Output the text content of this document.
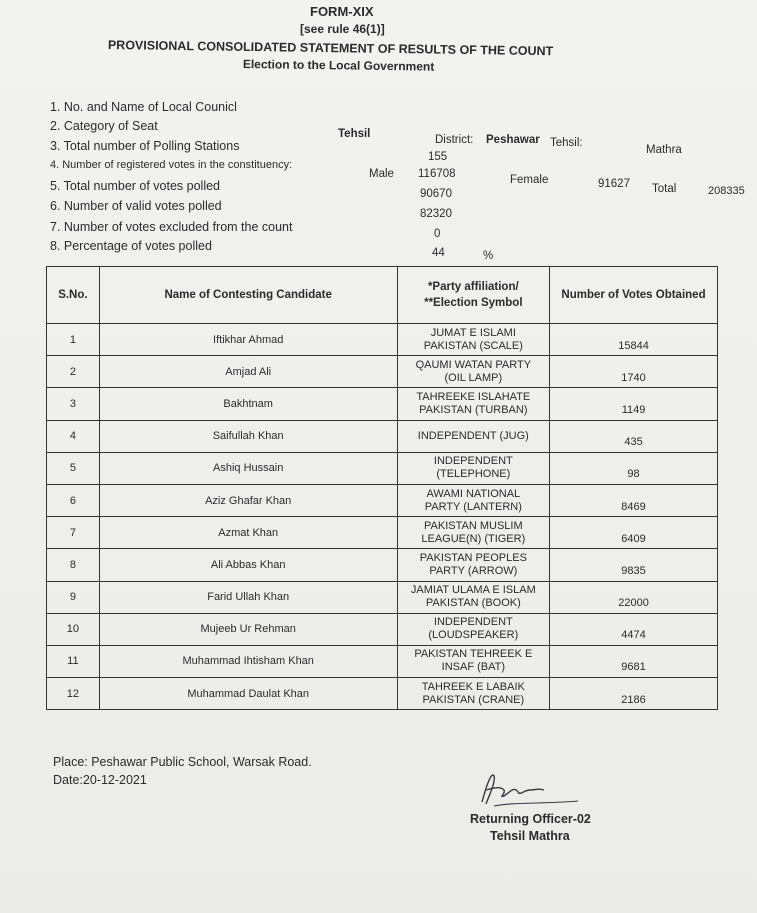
FORM-XIX
[see rule 46(1)]
PROVISIONAL CONSOLIDATED STATEMENT OF RESULTS OF THE COUNT
Election to the Local Government
1. No. and Name of Local Counicl
2. Category of Seat
3. Total number of Polling Stations
4. Number of registered votes in the constituency:
5. Total number of votes polled
6. Number of valid votes polled
7. Number of votes excluded from the count
8. Percentage of votes polled
Tehsil	District: Peshawar Tehsil:
Mathra
155
Male 116708	Female	91627 Total	208335
90670
82320
0
44	%
S.No.	Name of Contesting Candidate	*Party affiliation/
**Election Symbol	Number of Votes Obtained
1	Iftikhar Ahmad	JUMAT E ISLAMI
PAKISTAN (SCALE)	15844
2	Amjad Ali	QAUMI WATAN PARTY
(OIL LAMP)	1740
3	Bakhtnam	TAHREEKE ISLAHATE
PAKISTAN (TURBAN)	1149
4	Saifullah Khan	INDEPENDENT (JUG)	435
5	Ashiq Hussain	INDEPENDENT
(TELEPHONE)	98
6	Aziz Ghafar Khan	AWAMI NATIONAL
PARTY (LANTERN)	8469
7	Azmat Khan	PAKISTAN MUSLIM
LEAGUE(N) (TIGER)	6409
8	Ali Abbas Khan	PAKISTAN PEOPLES
PARTY (ARROW)	9835
9	Farid Ullah Khan	JAMIAT ULAMA E ISLAM
PAKISTAN (BOOK)	22000
10	Mujeeb Ur Rehman	INDEPENDENT
(LOUDSPEAKER)	4474
11	Muhammad Ihtisham Khan	PAKISTAN TEHREEK E
INSAF (BAT)	9681
12	Muhammad Daulat Khan	TAHREEK E LABAIK
PAKISTAN (CRANE)	2186
Place: Peshawar Public School, Warsak Road.
Date:20-12-2021
Returning Officer-02
Tehsil Mathra
